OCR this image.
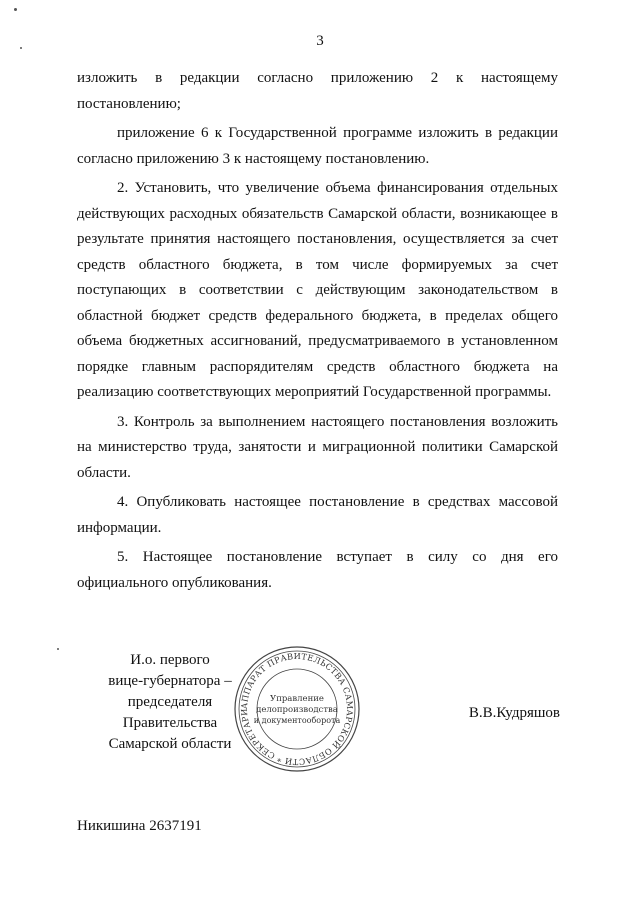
3

изложить в редакции согласно приложению 2 к настоящему постановлению;

приложение 6 к Государственной программе изложить в редакции согласно приложению 3 к настоящему постановлению.

2. Установить, что увеличение объема финансирования отдельных действующих расходных обязательств Самарской области, возникающее в результате принятия настоящего постановления, осуществляется за счет средств областного бюджета, в том числе формируемых за счет поступающих в соответствии с действующим законодательством в областной бюджет средств федерального бюджета, в пределах общего объема бюджетных ассигнований, предусматриваемого в установленном порядке главным распорядителям средств областного бюджета на реализацию соответствующих мероприятий Государственной программы.

3. Контроль за выполнением настоящего постановления возложить на министерство труда, занятости и миграционной политики Самарской области.

4. Опубликовать настоящее постановление в средствах массовой информации.

5. Настоящее постановление вступает в силу со дня его официального опубликования.

И.о. первого
вице-губернатора –
председателя Правительства
Самарской области
АППАРАТ ПРАВИТЕЛЬСТВА САМАРСКОЙ ОБЛАСТИ * СЕКРЕТАРИ
Управление
делопроизводства
и документооборота	В.В.Кудряшов
Никишина 2637191
